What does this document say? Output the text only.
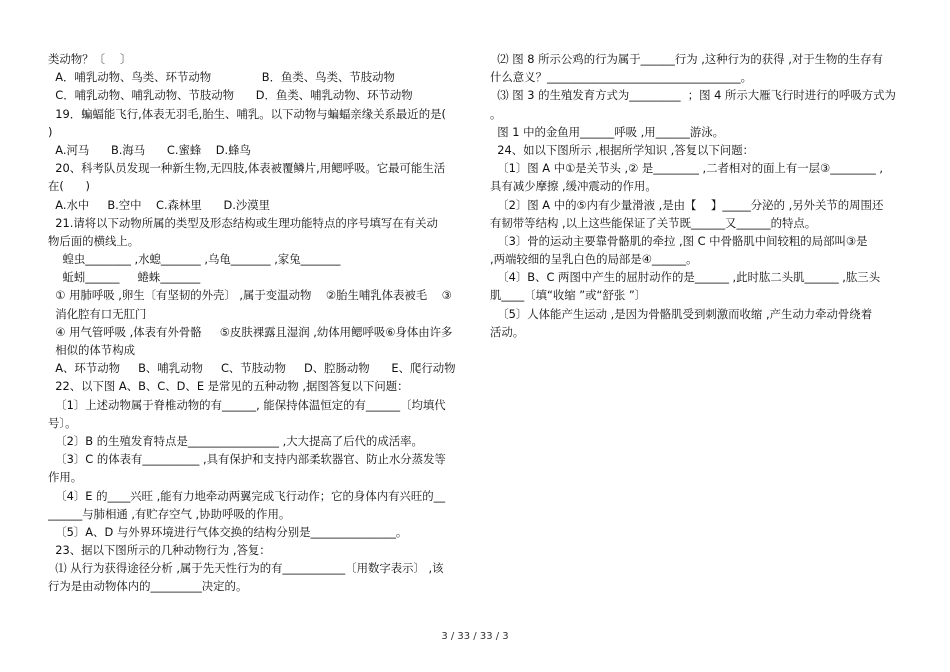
类动物？〔　 〕
A．哺乳动物、鸟类、环节动物              B．鱼类、鸟类、节肢动物
C．哺乳动物、哺乳动物、节肢动物      D．鱼类、哺乳动物、环节动物
19．蝙蝠能飞行,体表无羽毛,胎生、哺乳。以下动物与蝙蝠亲缘关系最近的是(
)
A.河马      B.海马      C.蜜蜂    D.蜂鸟
20、科考队员发现一种新生物,无四肢,体表被覆鳞片,用鳃呼吸。它最可能生活
在(      )
A.水中     B.空中    C.森林里      D.沙漠里
21.请将以下动物所属的类型及形态结构或生理功能特点的序号填写在有关动
物后面的横线上。
蝗虫________ ,水螅_______ ,乌龟_______ ,家兔_______
蚯蚓______     蜷蛛_______
① 用肺呼吸 ,卵生〔有坚韧的外壳〕 ,属于变温动物    ②胎生哺乳体表被毛    ③
消化腔有口无肛门
④ 用气管呼吸 ,体表有外骨骼     ⑤皮肤裸露且湿润 ,幼体用鳃呼吸⑥身体由许多
相似的体节构成
A、环节动物     B、哺乳动物     C、节肢动物     D、腔肠动物      E、爬行动物
22、以下图 A、B、C、D、E 是常见的五种动物 ,据图答复以下问题：
〔1〕上述动物属于脊椎动物的有______, 能保持体温恒定的有______〔均填代
号〕。
〔2〕B 的生殖发育特点是________________ ,大大提高了后代的成活率。
〔3〕C 的体表有__________ ,具有保护和支持内部柔软器官、防止水分蒸发等
作用。
〔4〕E 的____兴旺 ,能有力地牵动两翼完成飞行动作；它的身体内有兴旺的__
______与肺相通 ,有贮存空气 ,协助呼吸的作用。
〔5〕A、D 与外界环境进行气体交换的结构分别是_______________。
23、据以下图所示的几种动物行为 ,答复：
⑴ 从行为获得途径分析 ,属于先天性行为的有___________〔用数字表示〕 ,该
行为是由动物体内的_________决定的。
⑵ 图 8 所示公鸡的行为属于______行为 ,这种行为的获得 ,对于生物的生存有
什么意义？__________________________________。
⑶ 图 3 的生殖发育方式为_________  ；图 4 所示大雁飞行时进行的呼吸方式为
。
图 1 中的金鱼用______呼吸 ,用______游泳。
24、如以下图所示 ,根据所学知识 ,答复以下问题：
〔1〕图 A 中①是关节头 ,② 是________ ,二者相对的面上有一层③________ ,
具有减少摩擦 ,缓冲震动的作用。
〔2〕图 A 中的⑤内有少量滑液 ,是由【    】_____分泌的 ,另外关节的周围还
有韧带等结构 ,以上这些能保证了关节既______又______的特点。
〔3〕骨的运动主要靠骨骼肌的牵拉 ,图 C 中骨骼肌中间较粗的局部叫③是
,两端较细的呈乳白色的局部是④______。
〔4〕B、C 两图中产生的屈肘动作的是______ ,此时肱二头肌______ ,肱三头
肌____〔填“收缩 ”或“舒张 ”〕
〔5〕人体能产生运动 ,是因为骨骼肌受到刺激而收缩 ,产生动力牵动骨绕着
活动。
3 / 33 / 33 / 3
